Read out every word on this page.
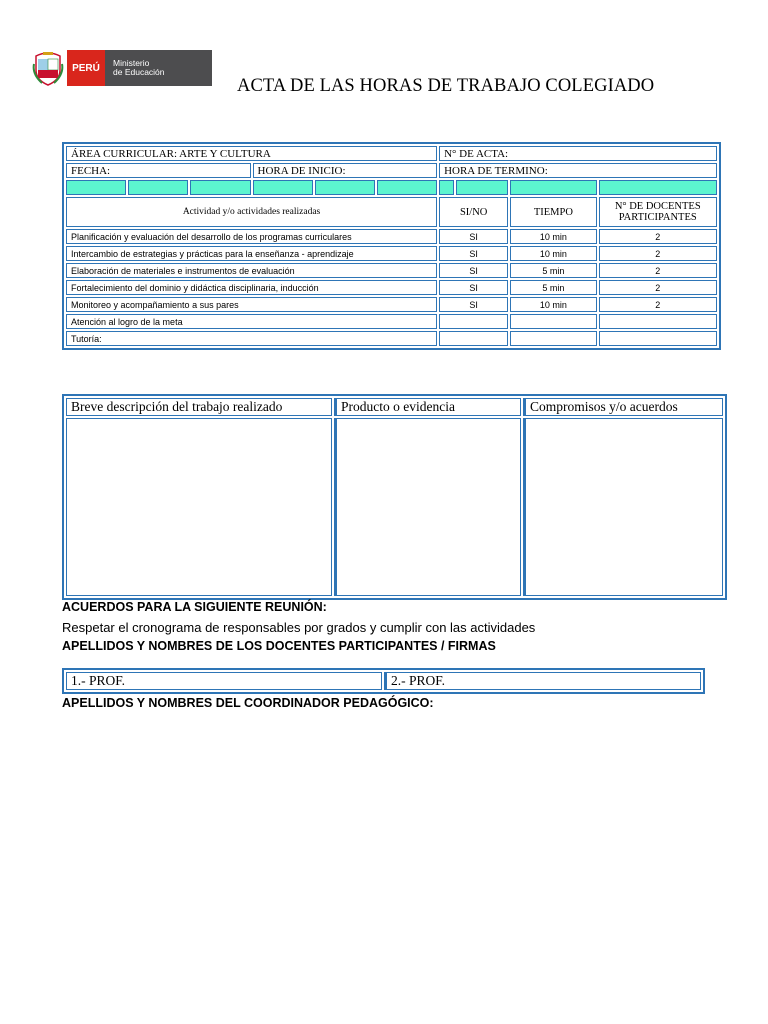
PERÚ	Ministerio
de Educación
ACTA DE LAS HORAS DE TRABAJO COLEGIADO
ÁREA CURRICULAR: ARTE Y CULTURA						N° DE ACTA:			
FECHA:			HORA DE INICIO:			HORA DE TERMINO:			

Actividad y/o actividades realizadas						SI/NO		TIEMPO	N° DE DOCENTES PARTICIPANTES
Planificación y evaluación del desarrollo de los programas curriculares						SI		10 min	2
Intercambio de estrategias y prácticas para la enseñanza - aprendizaje						SI		10 min	2
Elaboración de materiales e instrumentos de evaluación						SI		5 min	2
Fortalecimiento del dominio y didáctica disciplinaria, inducción						SI		5 min	2
Monitoreo y acompañamiento a sus pares						SI		10 min	2
Atención al logro de la meta									
Tutoría:									
Breve descripción del trabajo realizado	Producto o evidencia	Compromisos y/o acuerdos

ACUERDOS PARA LA SIGUIENTE REUNIÓN:
Respetar el cronograma de responsables por grados y cumplir con las actividades
APELLIDOS Y NOMBRES DE LOS DOCENTES PARTICIPANTES / FIRMAS
1.- PROF.	2.- PROF.
APELLIDOS Y NOMBRES DEL COORDINADOR PEDAGÓGICO:
